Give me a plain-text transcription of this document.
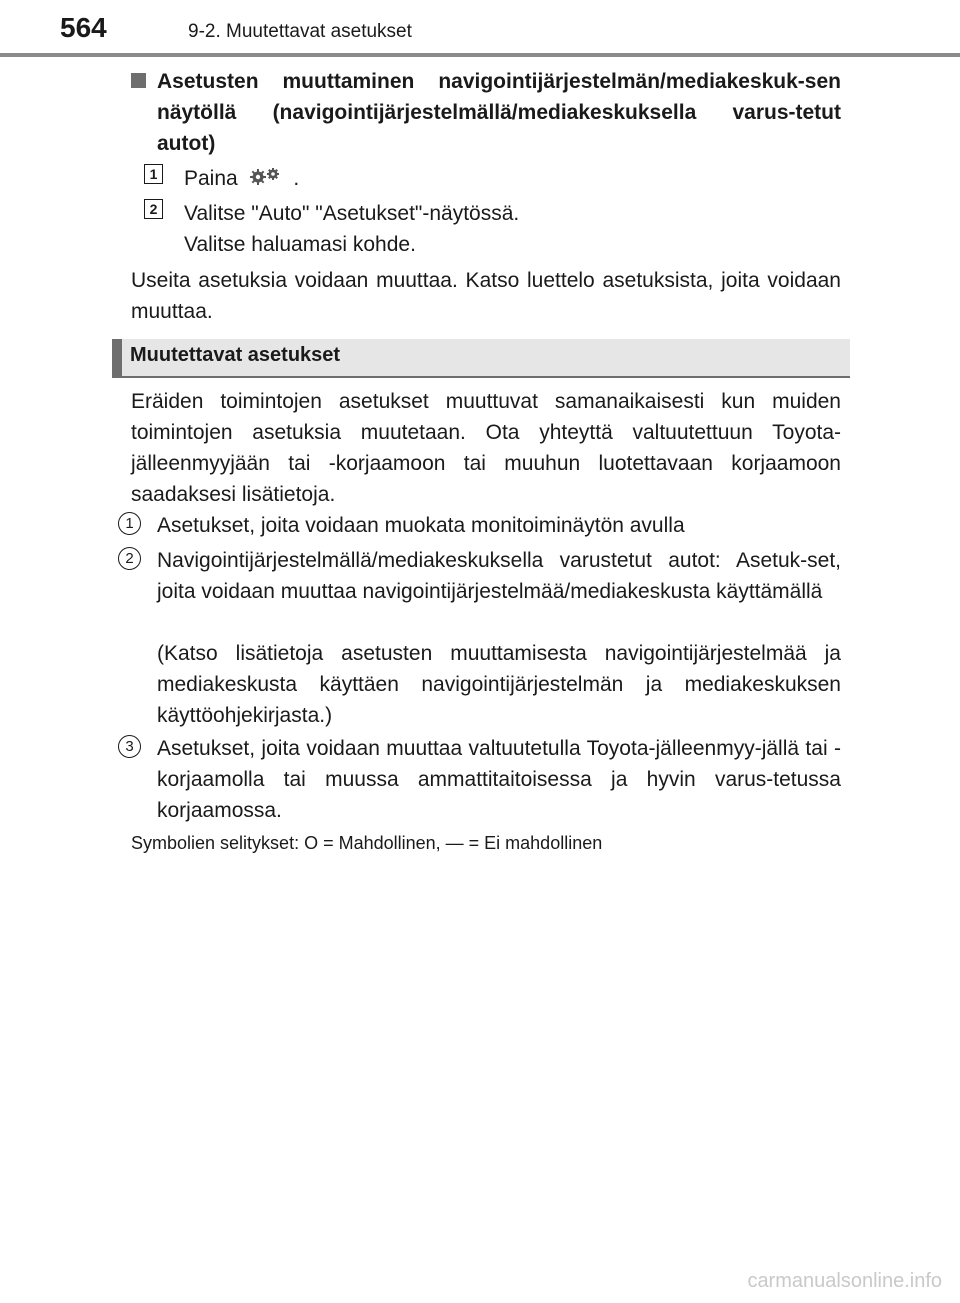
564	9-2. Muutettavat asetukset
Asetusten muuttaminen navigointijärjestelmän/mediakeskuk-sen näytöllä (navigointijärjestelmällä/mediakeskuksella varus-tetut autot)
1 Paina	.
2 Valitse "Auto" "Asetukset"-näytössä.
Valitse haluamasi kohde.
Useita asetuksia voidaan muuttaa. Katso luettelo asetuksista, joita voidaan muuttaa.
Muutettavat asetukset
Eräiden toimintojen asetukset muuttuvat samanaikaisesti kun muiden toimintojen asetuksia muutetaan. Ota yhteyttä valtuutettuun Toyota-jälleenmyyjään tai -korjaamoon tai muuhun luotettavaan korjaamoon saadaksesi lisätietoja.
1	Asetukset, joita voidaan muokata monitoiminäytön avulla
2	Navigointijärjestelmällä/mediakeskuksella varustetut autot: Asetuk-set, joita voidaan muuttaa navigointijärjestelmää/mediakeskusta käyttämällä
(Katso lisätietoja asetusten muuttamisesta navigointijärjestelmää ja mediakeskusta käyttäen navigointijärjestelmän ja mediakeskuksen käyttöohjekirjasta.)
3	Asetukset, joita voidaan muuttaa valtuutetulla Toyota-jälleenmyy-jällä tai -korjaamolla tai muussa ammattitaitoisessa ja hyvin varus-tetussa korjaamossa.
Symbolien selitykset: O = Mahdollinen, — = Ei mahdollinen
carmanualsonline.info
